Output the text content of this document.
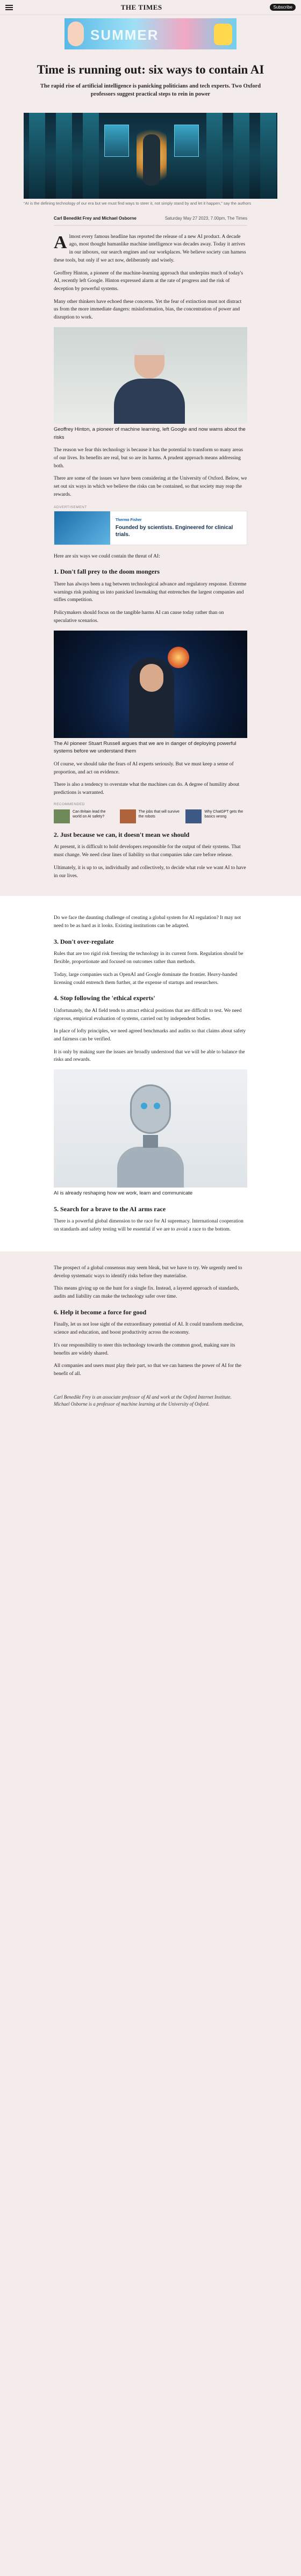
THE TIMES	Subscribe
SUMMER
Time is running out: six ways to contain AI

The rapid rise of artificial intelligence is panicking politicians and tech experts. Two Oxford professors suggest practical steps to rein in power

“AI is the defining technology of our era but we must find ways to steer it, not simply stand by and let it happen,” say the authors

Carl Benedikt Frey and Michael Osborne	Saturday May 27 2023, 7.00pm, The Times

Almost every famous headline has reported the release of a new AI product. A decade ago, most thought humanlike machine intelligence was decades away. Today it arrives in our inboxes, our search engines and our workplaces. We believe society can harness these tools, but only if we act now, deliberately and wisely.

Geoffrey Hinton, a pioneer of the machine-learning approach that underpins much of today's AI, recently left Google. Hinton expressed alarm at the rate of progress and the risk of deception by powerful systems.

Many other thinkers have echoed these concerns. Yet the fear of extinction must not distract us from the more immediate dangers: misinformation, bias, the concentration of power and disruption to work.

Geoffrey Hinton, a pioneer of machine learning, left Google and now warns about the risks

The reason we fear this technology is because it has the potential to transform so many areas of our lives. Its benefits are real, but so are its harms. A prudent approach means addressing both.

There are some of the issues we have been considering at the University of Oxford. Below, we set out six ways in which we believe the risks can be contained, so that society may reap the rewards.

ADVERTISEMENT
Thermo Fisher
Founded by scientists. Engineered for clinical trials.

Here are six ways we could contain the threat of AI:

1. Don't fall prey to the doom mongers

There has always been a tug between technological advance and regulatory response. Extreme warnings risk pushing us into panicked lawmaking that entrenches the largest companies and stifles competition.

Policymakers should focus on the tangible harms AI can cause today rather than on speculative scenarios.

The AI pioneer Stuart Russell argues that we are in danger of deploying powerful systems before we understand them

Of course, we should take the fears of AI experts seriously. But we must keep a sense of proportion, and act on evidence.

There is also a tendency to overstate what the machines can do. A degree of humility about predictions is warranted.

RECOMMENDED
Can Britain lead the world on AI safety?
The jobs that will survive the robots
Why ChatGPT gets the basics wrong
2. Just because we can, it doesn't mean we should

At present, it is difficult to hold developers responsible for the output of their systems. That must change. We need clear lines of liability so that companies take care before release.

Ultimately, it is up to us, individually and collectively, to decide what role we want AI to have in our lives.

Do we face the daunting challenge of creating a global system for AI regulation? It may not need to be as hard as it looks. Existing institutions can be adapted.

3. Don't over-regulate

Rules that are too rigid risk freezing the technology in its current form. Regulation should be flexible, proportionate and focused on outcomes rather than methods.

Today, large companies such as OpenAI and Google dominate the frontier. Heavy-handed licensing could entrench them further, at the expense of startups and researchers.

4. Stop following the 'ethical experts'

Unfortunately, the AI field tends to attract ethical positions that are difficult to test. We need rigorous, empirical evaluation of systems, carried out by independent bodies.

In place of lofty principles, we need agreed benchmarks and audits so that claims about safety and fairness can be verified.

It is only by making sure the issues are broadly understood that we will be able to balance the risks and rewards.

AI is already reshaping how we work, learn and communicate

5. Search for a brave to the AI arms race

There is a powerful global dimension to the race for AI supremacy. International cooperation on standards and safety testing will be essential if we are to avoid a race to the bottom.

The prospect of a global consensus may seem bleak, but we have to try. We urgently need to develop systematic ways to identify risks before they materialise.

This means giving up on the hunt for a single fix. Instead, a layered approach of standards, audits and liability can make the technology safer over time.

6. Help it become a force for good

Finally, let us not lose sight of the extraordinary potential of AI. It could transform medicine, science and education, and boost productivity across the economy.

It's our responsibility to steer this technology towards the common good, making sure its benefits are widely shared.

All companies and users must play their part, so that we can harness the power of AI for the benefit of all.

Carl Benedikt Frey is an associate professor of AI and work at the Oxford Internet Institute. Michael Osborne is a professor of machine learning at the University of Oxford.
